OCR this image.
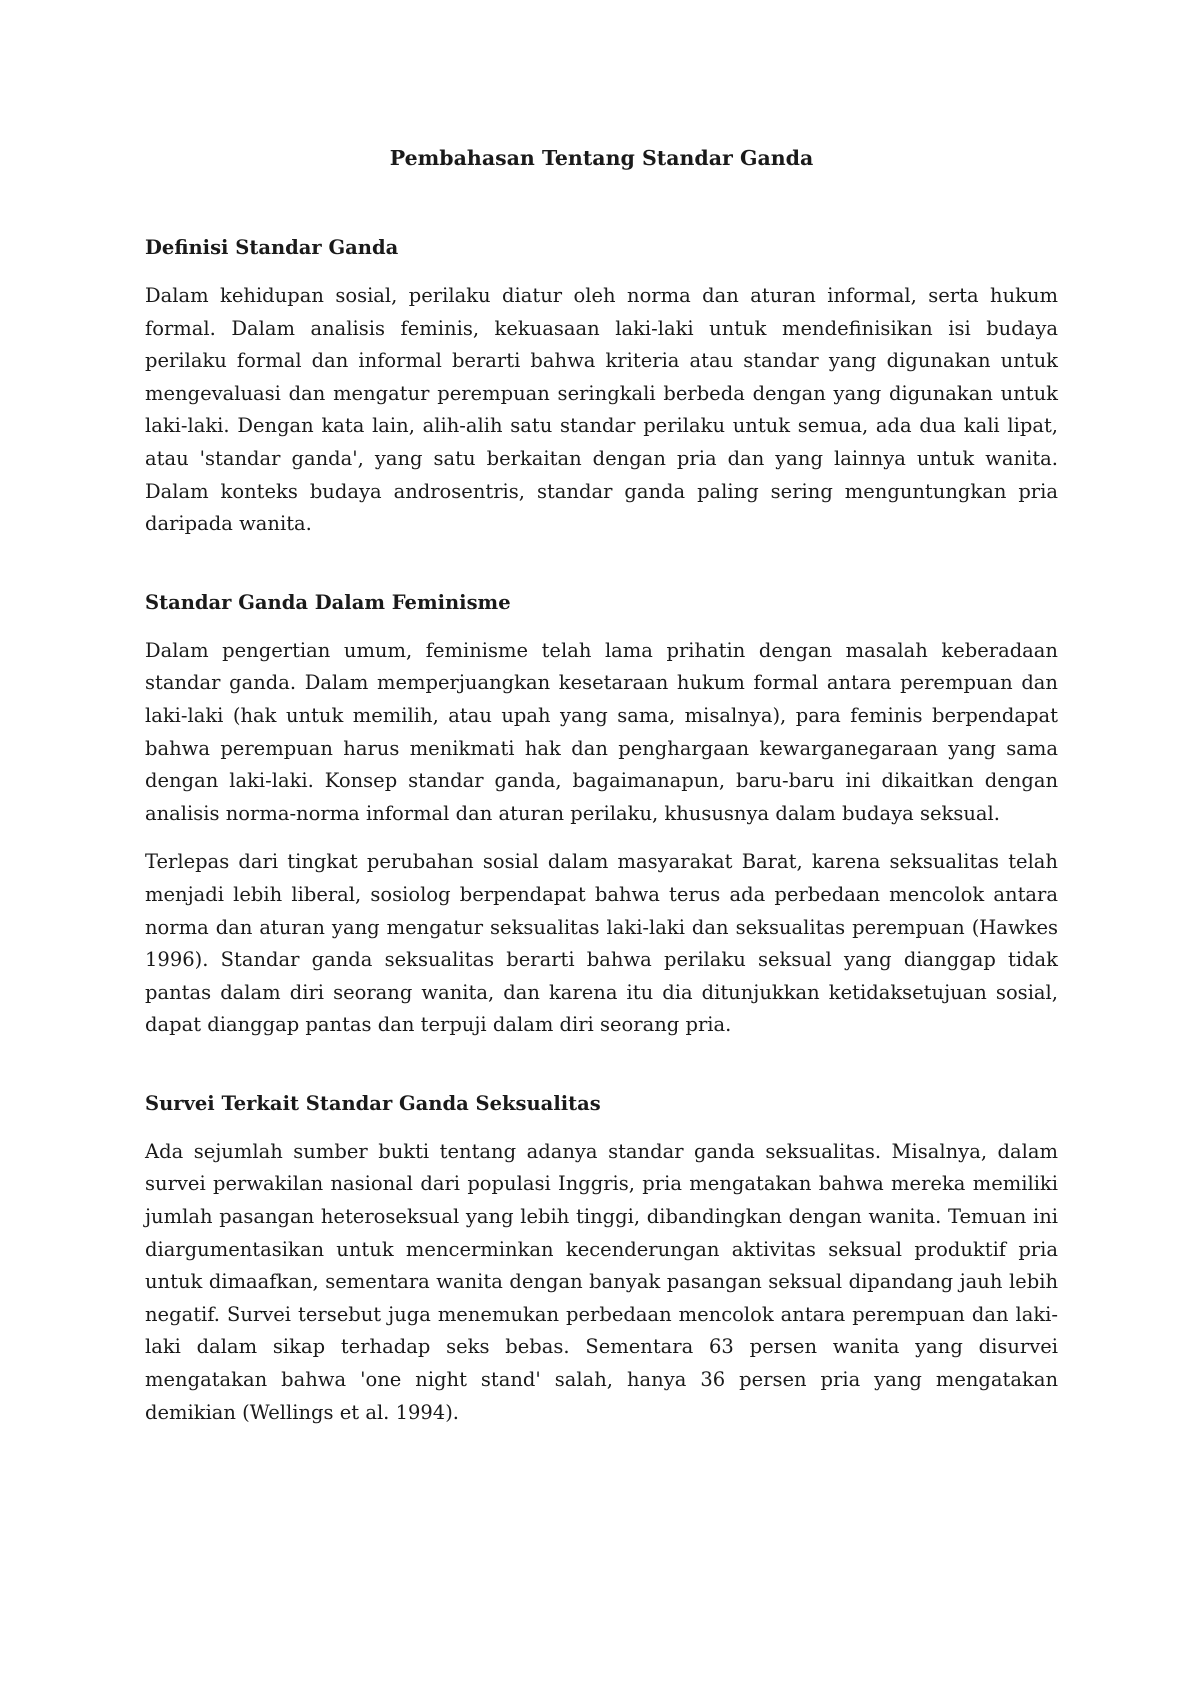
Pembahasan Tentang Standar Ganda
Definisi Standar Ganda

Dalam kehidupan sosial, perilaku diatur oleh norma dan aturan informal, serta hukum formal. Dalam analisis feminis, kekuasaan laki-laki untuk mendefinisikan isi budaya perilaku formal dan informal berarti bahwa kriteria atau standar yang digunakan untuk mengevaluasi dan mengatur perempuan seringkali berbeda dengan yang digunakan untuk laki-laki. Dengan kata lain, alih-alih satu standar perilaku untuk semua, ada dua kali lipat, atau 'standar ganda', yang satu berkaitan dengan pria dan yang lainnya untuk wanita. Dalam konteks budaya androsentris, standar ganda paling sering menguntungkan pria daripada wanita.

Standar Ganda Dalam Feminisme

Dalam pengertian umum, feminisme telah lama prihatin dengan masalah keberadaan standar ganda. Dalam memperjuangkan kesetaraan hukum formal antara perempuan dan laki-laki (hak untuk memilih, atau upah yang sama, misalnya), para feminis berpendapat bahwa perempuan harus menikmati hak dan penghargaan kewarganegaraan yang sama dengan laki-laki. Konsep standar ganda, bagaimanapun, baru-baru ini dikaitkan dengan analisis norma-norma informal dan aturan perilaku, khususnya dalam budaya seksual.

Terlepas dari tingkat perubahan sosial dalam masyarakat Barat, karena seksualitas telah menjadi lebih liberal, sosiolog berpendapat bahwa terus ada perbedaan mencolok antara norma dan aturan yang mengatur seksualitas laki-laki dan seksualitas perempuan (Hawkes 1996). Standar ganda seksualitas berarti bahwa perilaku seksual yang dianggap tidak pantas dalam diri seorang wanita, dan karena itu dia ditunjukkan ketidaksetujuan sosial, dapat dianggap pantas dan terpuji dalam diri seorang pria.

Survei Terkait Standar Ganda Seksualitas

Ada sejumlah sumber bukti tentang adanya standar ganda seksualitas. Misalnya, dalam survei perwakilan nasional dari populasi Inggris, pria mengatakan bahwa mereka memiliki jumlah pasangan heteroseksual yang lebih tinggi, dibandingkan dengan wanita. Temuan ini diargumentasikan untuk mencerminkan kecenderungan aktivitas seksual produktif pria untuk dimaafkan, sementara wanita dengan banyak pasangan seksual dipandang jauh lebih negatif. Survei tersebut juga menemukan perbedaan mencolok antara perempuan dan laki-laki dalam sikap terhadap seks bebas. Sementara 63 persen wanita yang disurvei mengatakan bahwa 'one night stand' salah, hanya 36 persen pria yang mengatakan demikian (Wellings et al. 1994).
